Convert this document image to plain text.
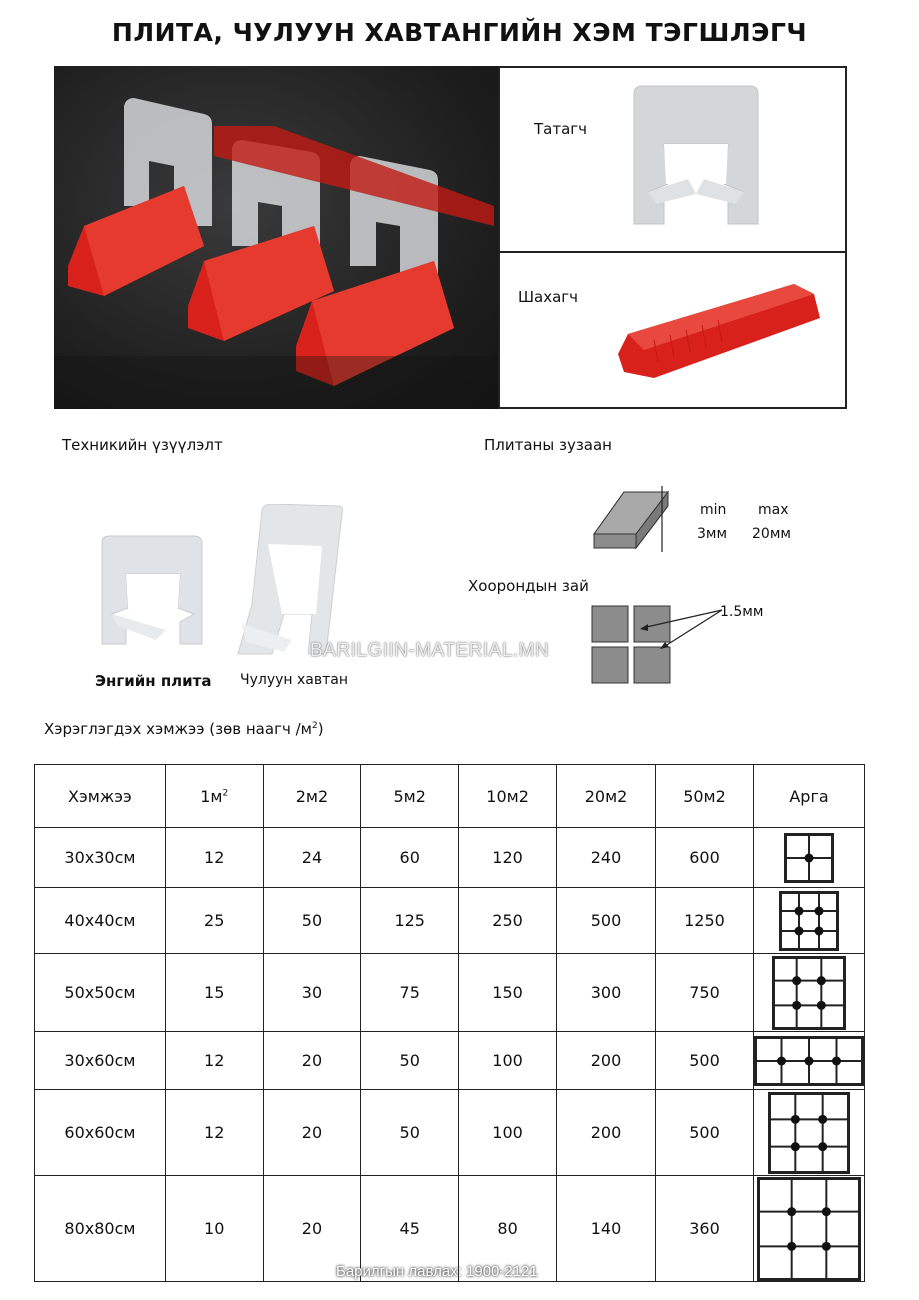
ПЛИТА, ЧУЛУУН ХАВТАНГИЙН ХЭМ ТЭГШЛЭГЧ
Татагч
Шахагч
Техникийн үзүүлэлт
Энгийн плита Чулуун хавтан
Плитаны зузаан
min max
3мм 20мм
Хоорондын зай
1.5мм
BARILGIIN-MATERIAL.MN
Хэрэглэгдэх хэмжээ (зөв наагч $/м^2$)
Хэмжээ	$1м^2$	2м2	5м2	10м2	20м2	50м2	Арга
30х30см	12	24	60	120	240	600	
40х40см	25	50	125	250	500	1250	
50х50см	15	30	75	150	300	750	
30х60см	12	20	50	100	200	500	
60х60см	12	20	50	100	200	500	
80х80см	10	20	45	80	140	360	
Барилгын лавлах: 1900-2121
